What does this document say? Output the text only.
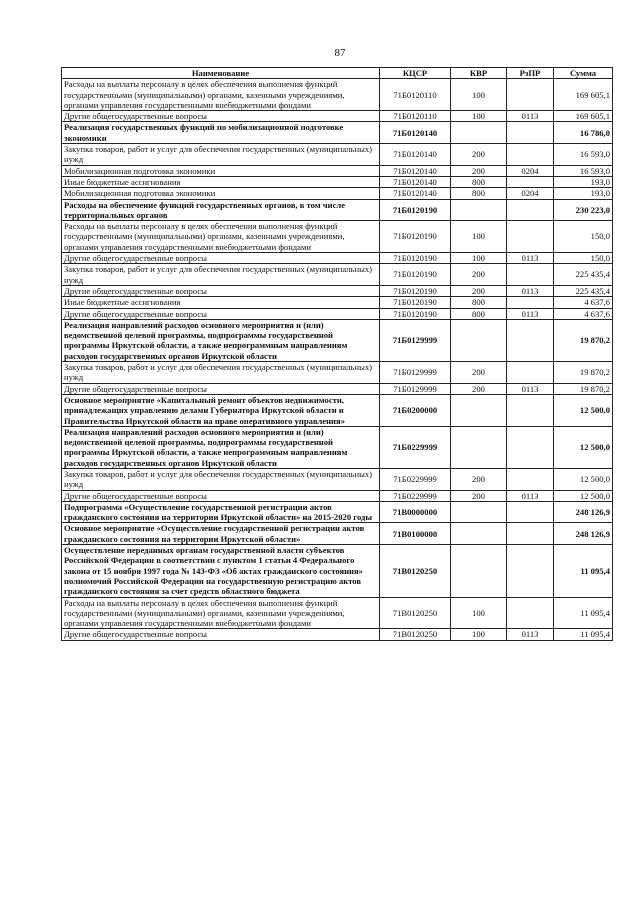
87
Наименование	КЦСР	КВР	РзПР	Сумма
Расходы на выплаты персоналу в целях обеспечения выполнения функций государственными (муниципальными) органами, казенными учреждениями, органами управления государственными внебюджетными фондами	71Б0120110	100		169 605,1
Другие общегосударственные вопросы	71Б0120110	100	0113	169 605,1
Реализация государственных функций по мобилизационной подготовке экономики	71Б0120140			16 786,0
Закупка товаров, работ и услуг для обеспечения государственных (муниципальных) нужд	71Б0120140	200		16 593,0
Мобилизационная подготовка экономики	71Б0120140	200	0204	16 593,0
Иные бюджетные ассигнования	71Б0120140	800		193,0
Мобилизационная подготовка экономики	71Б0120140	800	0204	193,0
Расходы на обеспечение функций государственных органов, в том числе территориальных органов	71Б0120190			230 223,0
Расходы на выплаты персоналу в целях обеспечения выполнения функций государственными (муниципальными) органами, казенными учреждениями, органами управления государственными внебюджетными фондами	71Б0120190	100		150,0
Другие общегосударственные вопросы	71Б0120190	100	0113	150,0
Закупка товаров, работ и услуг для обеспечения государственных (муниципальных) нужд	71Б0120190	200		225 435,4
Другие общегосударственные вопросы	71Б0120190	200	0113	225 435,4
Иные бюджетные ассигнования	71Б0120190	800		4 637,6
Другие общегосударственные вопросы	71Б0120190	800	0113	4 637,6
Реализация направлений расходов основного мероприятия и (или) ведомственной целевой программы, подпрограммы государственной программы Иркутской области, а также непрограммным направлениям расходов государственных органов Иркутской области	71Б0129999			19 870,2
Закупка товаров, работ и услуг для обеспечения государственных (муниципальных) нужд	71Б0129999	200		19 870,2
Другие общегосударственные вопросы	71Б0129999	200	0113	19 870,2
Основное мероприятие «Капитальный ремонт объектов недвижимости, принадлежащих управлению делами Губернатора Иркутской области и Правительства Иркутской области на праве оперативного управления»	71Б0200000			12 500,0
Реализация направлений расходов основного мероприятия и (или) ведомственной целевой программы, подпрограммы государственной программы Иркутской области, а также непрограммным направлениям расходов государственных органов Иркутской области	71Б0229999			12 500,0
Закупка товаров, работ и услуг для обеспечения государственных (муниципальных) нужд	71Б0229999	200		12 500,0
Другие общегосударственные вопросы	71Б0229999	200	0113	12 500,0
Подпрограмма «Осуществление государственной регистрации актов гражданского состояния на территории Иркутской области» на 2015-2020 годы	71В0000000			248 126,9
Основное мероприятие «Осуществление государственной регистрации актов гражданского состояния на территории Иркутской области»	71В0100000			248 126,9
Осуществление переданных органам государственной власти субъектов Российской Федерации в соответствии с пунктом 1 статьи 4 Федерального закона от 15 ноября 1997 года № 143-ФЗ «Об актах гражданского состояния» полномочий Российской Федерации на государственную регистрацию актов гражданского состояния за счет средств областного бюджета	71В0120250			11 095,4
Расходы на выплаты персоналу в целях обеспечения выполнения функций государственными (муниципальными) органами, казенными учреждениями, органами управления государственными внебюджетными фондами	71В0120250	100		11 095,4
Другие общегосударственные вопросы	71В0120250	100	0113	11 095,4
